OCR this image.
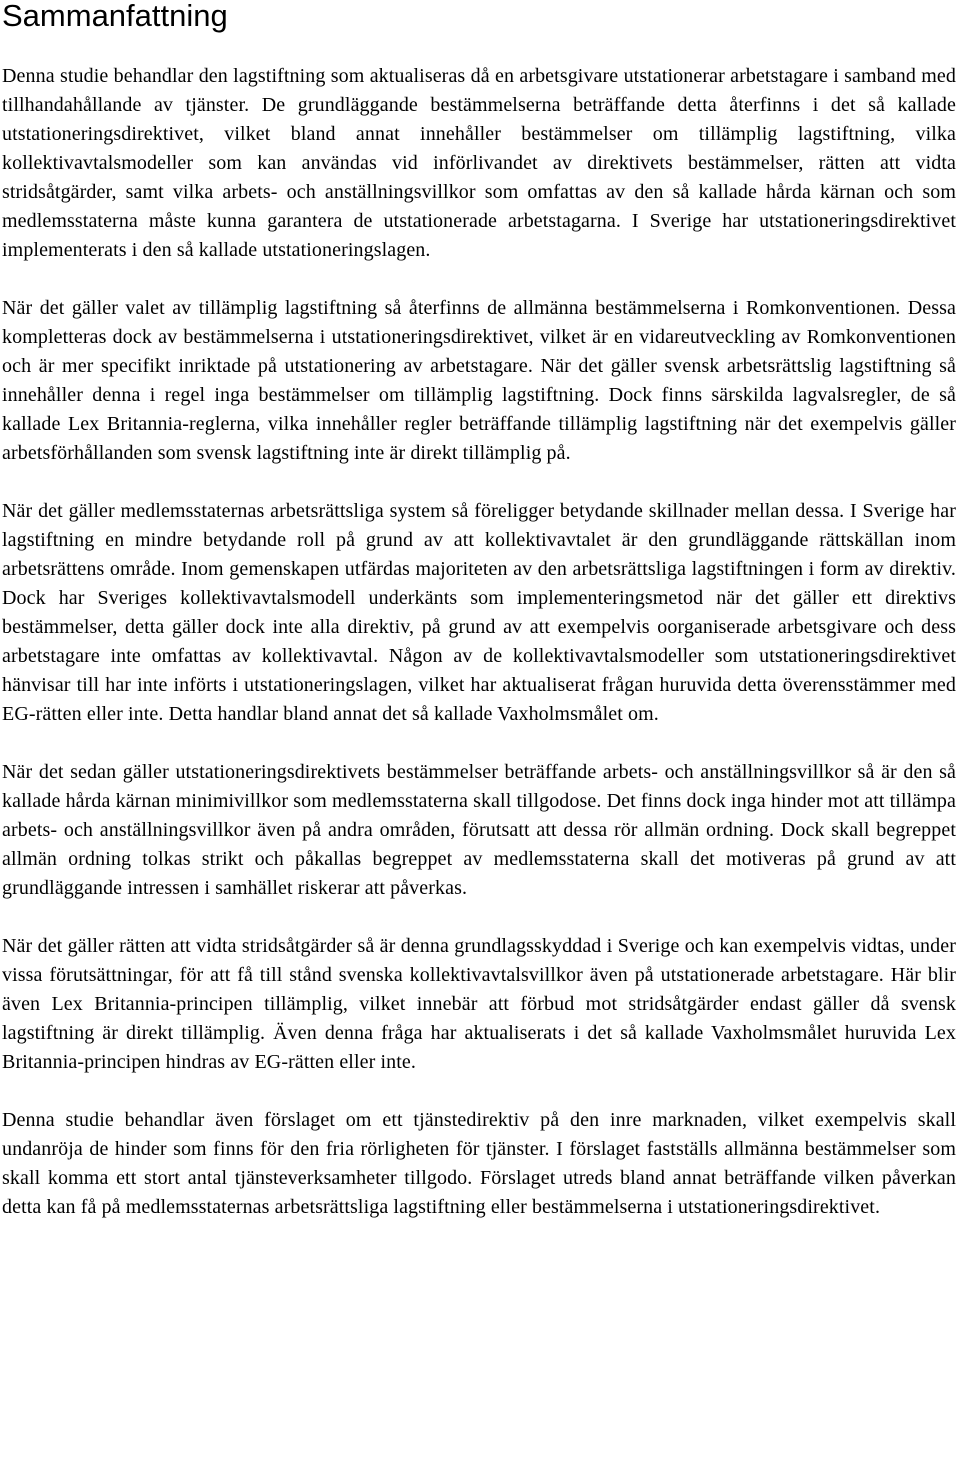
Sammanfattning

Denna studie behandlar den lagstiftning som aktualiseras då en arbetsgivare utstationerar arbetstagare i samband med tillhandahållande av tjänster. De grundläggande bestämmelserna beträffande detta återfinns i det så kallade utstationeringsdirektivet, vilket bland annat innehåller bestämmelser om tillämplig lagstiftning, vilka kollektivavtalsmodeller som kan användas vid införlivandet av direktivets bestämmelser, rätten att vidta stridsåtgärder, samt vilka arbets- och anställningsvillkor som omfattas av den så kallade hårda kärnan och som medlemsstaterna måste kunna garantera de utstationerade arbetstagarna. I Sverige har utstationeringsdirektivet implementerats i den så kallade utstationeringslagen.

När det gäller valet av tillämplig lagstiftning så återfinns de allmänna bestämmelserna i Romkonventionen. Dessa kompletteras dock av bestämmelserna i utstationeringsdirektivet, vilket är en vidareutveckling av Romkonventionen och är mer specifikt inriktade på utstationering av arbetstagare. När det gäller svensk arbetsrättslig lagstiftning så innehåller denna i regel inga bestämmelser om tillämplig lagstiftning. Dock finns särskilda lagvalsregler, de så kallade Lex Britannia-reglerna, vilka innehåller regler beträffande tillämplig lagstiftning när det exempelvis gäller arbetsförhållanden som svensk lagstiftning inte är direkt tillämplig på.

När det gäller medlemsstaternas arbetsrättsliga system så föreligger betydande skillnader mellan dessa. I Sverige har lagstiftning en mindre betydande roll på grund av att kollektivavtalet är den grundläggande rättskällan inom arbetsrättens område. Inom gemenskapen utfärdas majoriteten av den arbetsrättsliga lagstiftningen i form av direktiv. Dock har Sveriges kollektivavtalsmodell underkänts som implementeringsmetod när det gäller ett direktivs bestämmelser, detta gäller dock inte alla direktiv, på grund av att exempelvis oorganiserade arbetsgivare och dess arbetstagare inte omfattas av kollektivavtal. Någon av de kollektivavtalsmodeller som utstationeringsdirektivet hänvisar till har inte införts i utstationeringslagen, vilket har aktualiserat frågan huruvida detta överensstämmer med EG-rätten eller inte. Detta handlar bland annat det så kallade Vaxholmsmålet om.

När det sedan gäller utstationeringsdirektivets bestämmelser beträffande arbets- och anställningsvillkor så är den så kallade hårda kärnan minimivillkor som medlemsstaterna skall tillgodose. Det finns dock inga hinder mot att tillämpa arbets- och anställningsvillkor även på andra områden, förutsatt att dessa rör allmän ordning. Dock skall begreppet allmän ordning tolkas strikt och påkallas begreppet av medlemsstaterna skall det motiveras på grund av att grundläggande intressen i samhället riskerar att påverkas.

När det gäller rätten att vidta stridsåtgärder så är denna grundlagsskyddad i Sverige och kan exempelvis vidtas, under vissa förutsättningar, för att få till stånd svenska kollektivavtalsvillkor även på utstationerade arbetstagare. Här blir även Lex Britannia-principen tillämplig, vilket innebär att förbud mot stridsåtgärder endast gäller då svensk lagstiftning är direkt tillämplig. Även denna fråga har aktualiserats i det så kallade Vaxholmsmålet huruvida Lex Britannia-principen hindras av EG-rätten eller inte.

Denna studie behandlar även förslaget om ett tjänstedirektiv på den inre marknaden, vilket exempelvis skall undanröja de hinder som finns för den fria rörligheten för tjänster. I förslaget fastställs allmänna bestämmelser som skall komma ett stort antal tjänsteverksamheter tillgodo. Förslaget utreds bland annat beträffande vilken påverkan detta kan få på medlemsstaternas arbetsrättsliga lagstiftning eller bestämmelserna i utstationeringsdirektivet.
